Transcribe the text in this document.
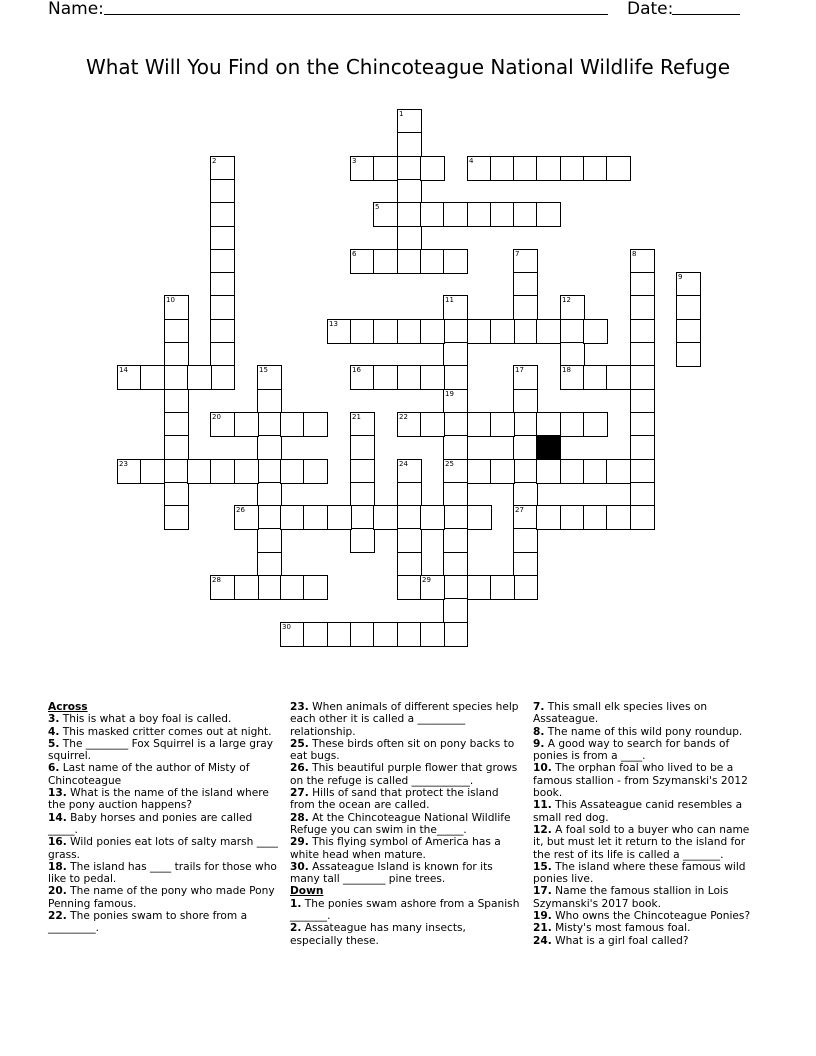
Name:	Date:
What Will You Find on the Chincoteague National Wildlife Refuge
1
2	3	4
5
6	7	8
9
10	11	12
18
13
14	15	16	17
27
19
25
20	21	22
23	24
26
28	29
30

Across

3. This is what a boy foal is called.

4. This masked critter comes out at night.

5. The ________ Fox Squirrel is a large gray squirrel.

6. Last name of the author of Misty of Chincoteague

13. What is the name of the island where the pony auction happens?

14. Baby horses and ponies are called _____.

16. Wild ponies eat lots of salty marsh ____ grass.

18. The island has ____ trails for those who like to pedal.

20. The name of the pony who made Pony Penning famous.

22. The ponies swam to shore from a _________.

23. When animals of different species help each other it is called a _________ relationship.

25. These birds often sit on pony backs to eat bugs.

26. This beautiful purple flower that grows on the refuge is called ___________.

27. Hills of sand that protect the island from the ocean are called.

28. At the Chincoteague National Wildlife Refuge you can swim in the_____.

29. This flying symbol of America has a white head when mature.

30. Assateague Island is known for its many tall ________ pine trees.

Down

1. The ponies swam ashore from a Spanish _______.

2. Assateague has many insects, especially these.

7. This small elk species lives on Assateague.

8. The name of this wild pony roundup.

9. A good way to search for bands of ponies is from a ____.

10. The orphan foal who lived to be a famous stallion - from Szymanski's 2012 book.

11. This Assateague canid resembles a small red dog.

12. A foal sold to a buyer who can name it, but must let it return to the island for the rest of its life is called a _______.

15. The island where these famous wild ponies live.

17. Name the famous stallion in Lois Szymanski's 2017 book.

19. Who owns the Chincoteague Ponies?

21. Misty's most famous foal.

24. What is a girl foal called?
